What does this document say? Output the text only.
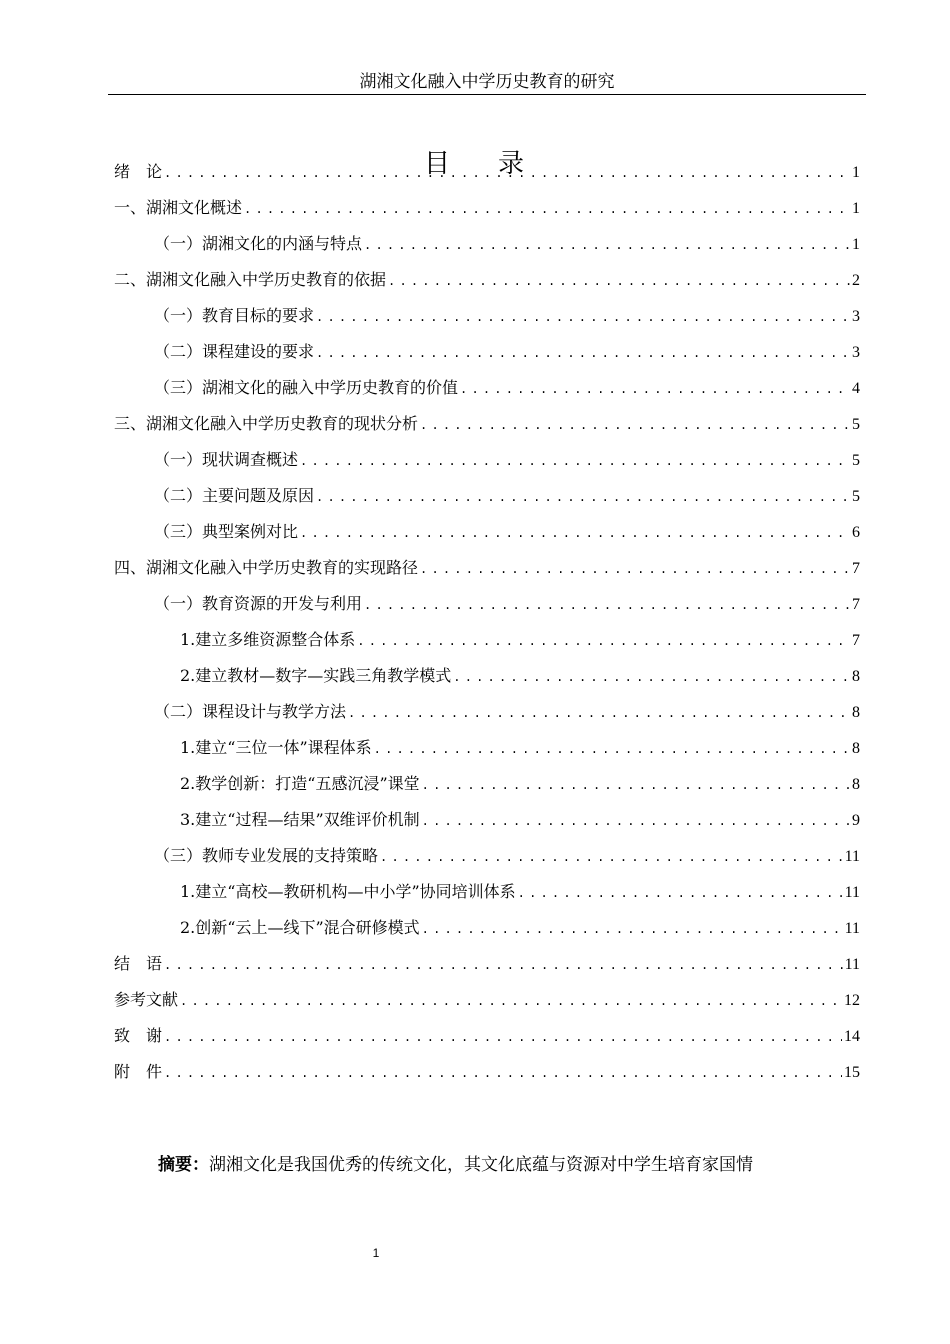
湖湘文化融入中学历史教育的研究
目 录
绪　论 .....	1
一、湖湘文化概述 .....	1
（一）湖湘文化的内涵与特点 .....	1
二、湖湘文化融入中学历史教育的依据 .....	2
（一）教育目标的要求 .....	3
（二）课程建设的要求 .....	3
（三）湖湘文化的融入中学历史教育的价值 .....	4
三、湖湘文化融入中学历史教育的现状分析 .....	5
（一）现状调查概述 .....	5
（二）主要问题及原因 .....	5
（三）典型案例对比 .....	6
四、湖湘文化融入中学历史教育的实现路径 .....	7
（一）教育资源的开发与利用 .....	7
1.建立多维资源整合体系 .....	7
2.建立教材—数字—实践三角教学模式 .....	8
（二）课程设计与教学方法 .....	8
1.建立“三位一体”课程体系 .....	8
2.教学创新：打造“五感沉浸”课堂 .....	8
3.建立“过程—结果”双维评价机制 .....	9
（三）教师专业发展的支持策略 .....	11
1.建立“高校—教研机构—中小学”协同培训体系 .....	11
2.创新“云上—线下”混合研修模式 .....	11
结　语 .....	11
参考文献 .....	12
致　谢 .....	14
附　件 .....	15
摘要：湖湘文化是我国优秀的传统文化，其文化底蕴与资源对中学生培育家国情
1
